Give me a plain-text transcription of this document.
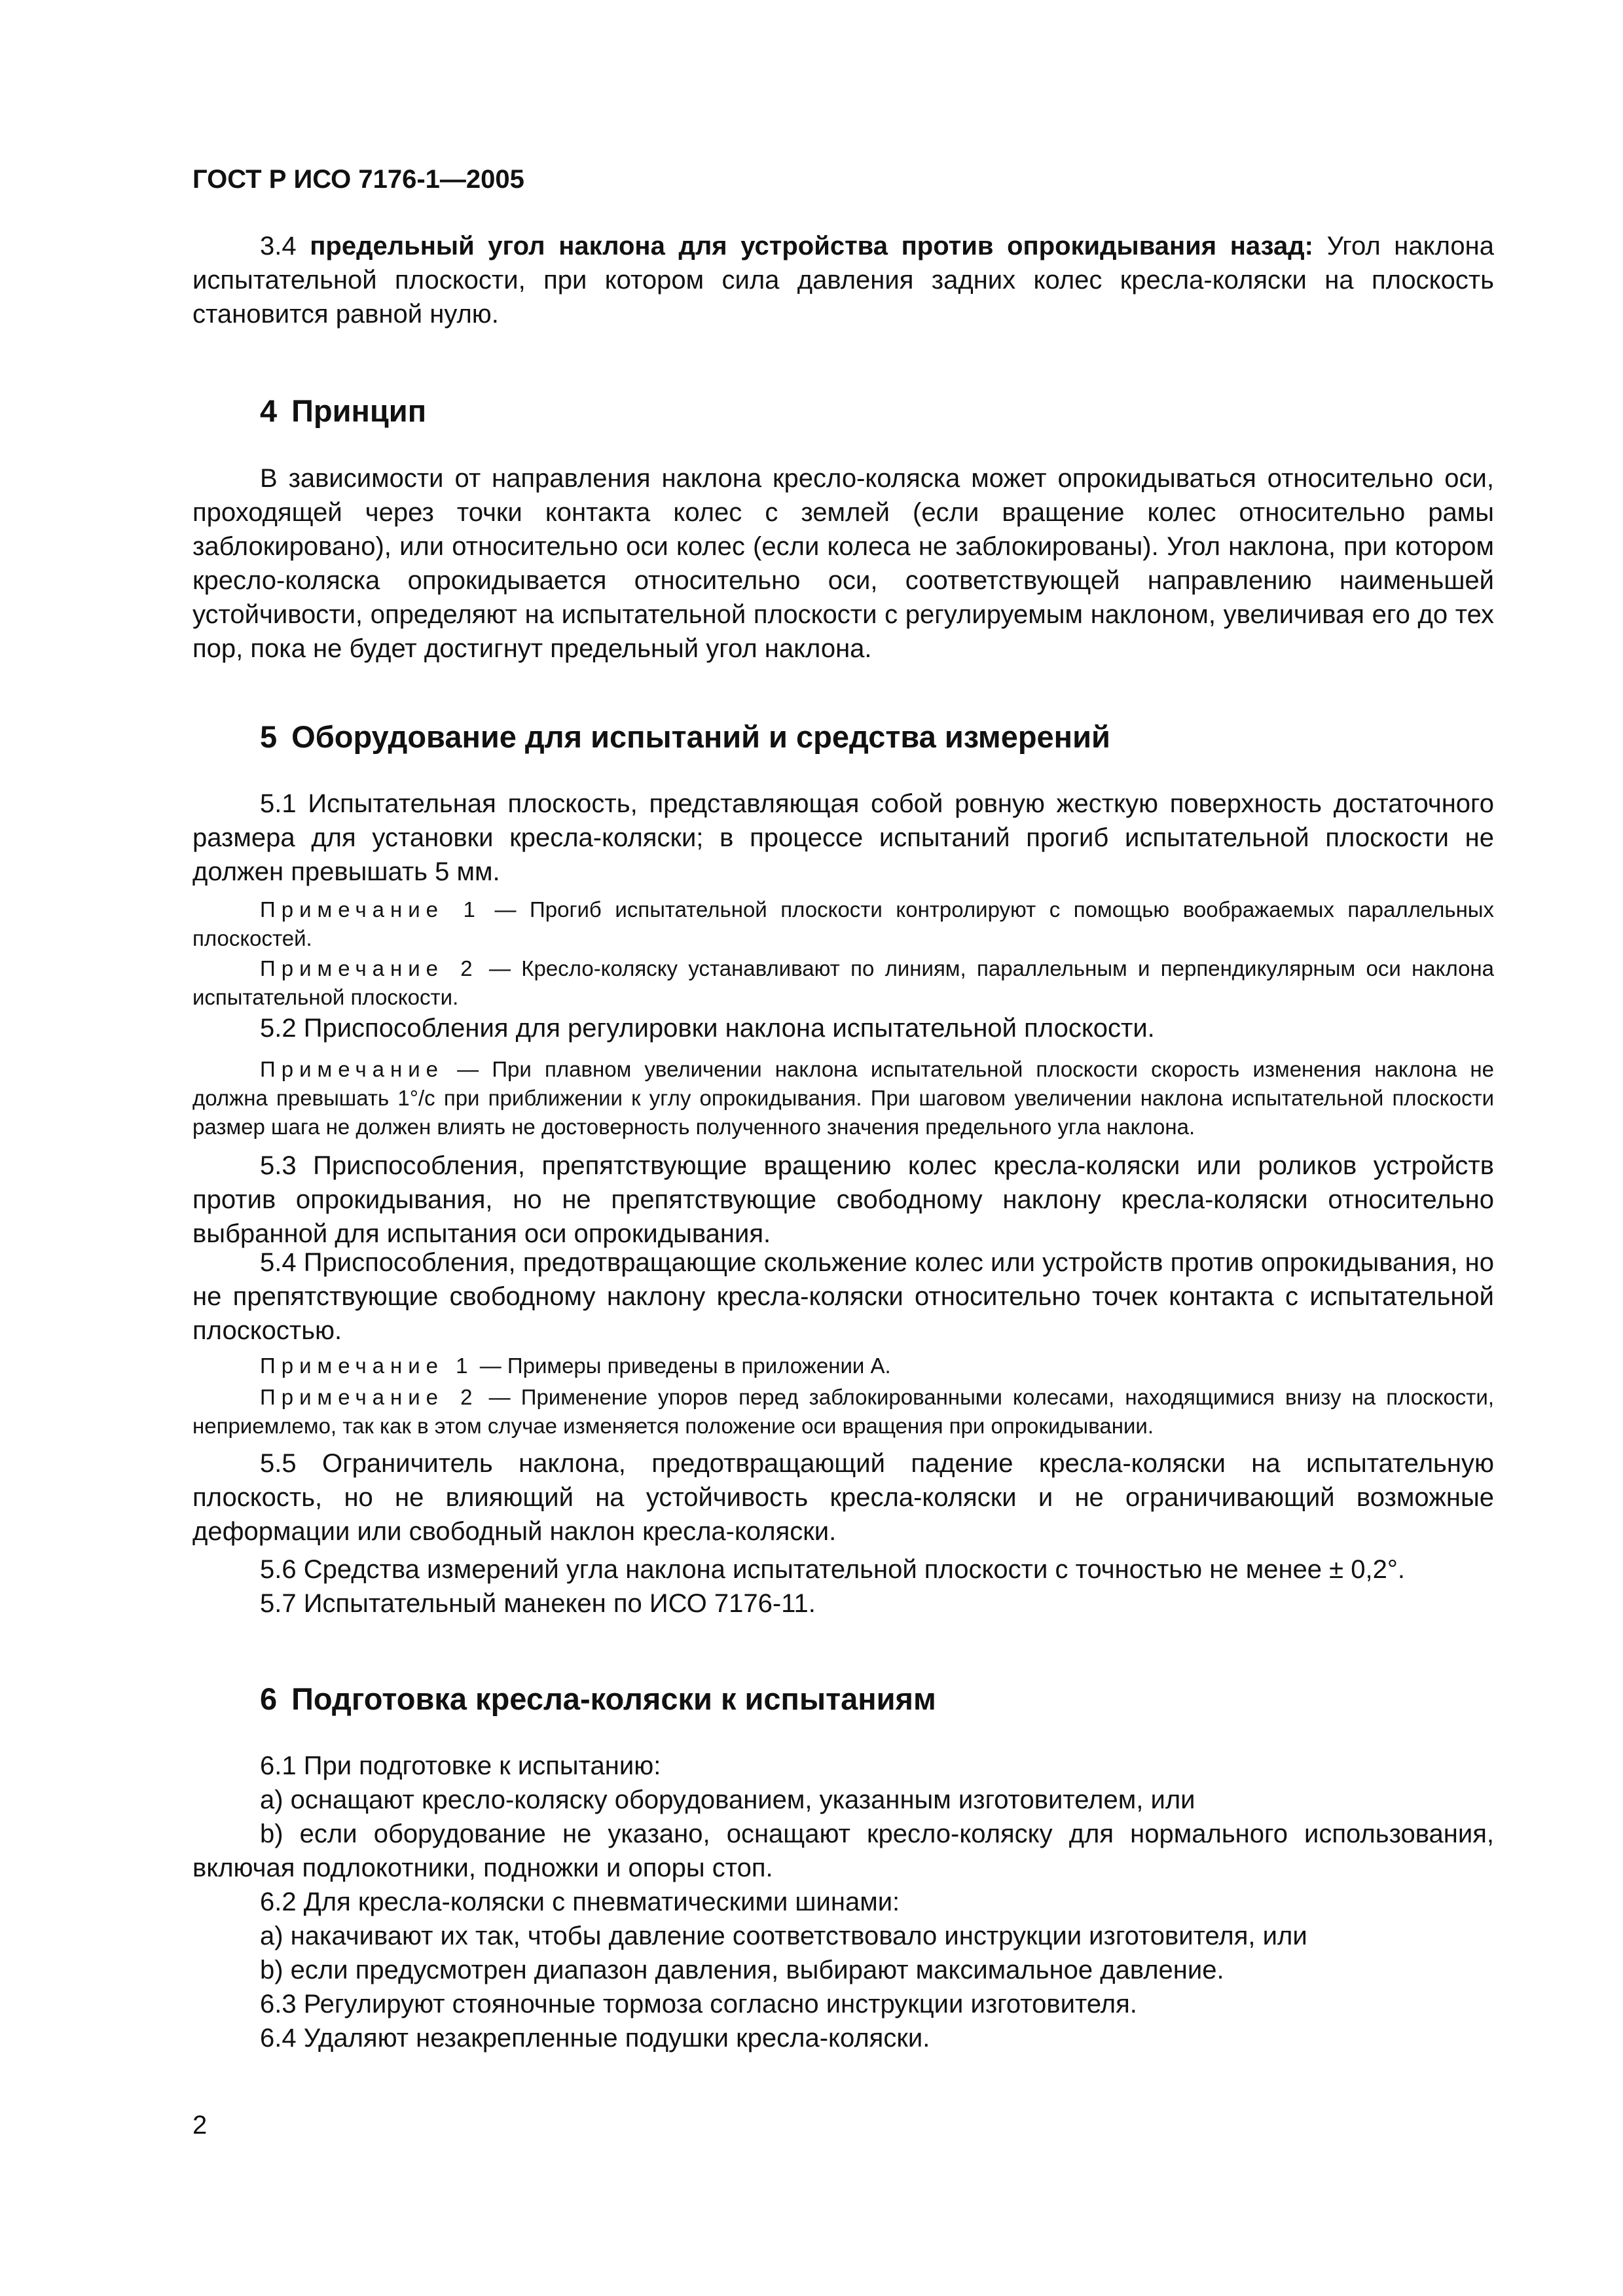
ГОСТ Р ИСО 7176-1—2005

3.4 предельный угол наклона для устройства против опрокидывания назад: Угол наклона испытательной плоскости, при котором сила давления задних колес кресла-коляски на плоскость становится равной нулю.

4 Принцип

В зависимости от направления наклона кресло-коляска может опрокидываться относительно оси, проходящей через точки контакта колес с землей (если вращение колес относительно рамы заблокировано), или относительно оси колес (если колеса не заблокированы). Угол наклона, при котором кресло-коляска опрокидывается относительно оси, соответствующей направлению наименьшей устойчивости, определяют на испытательной плоскости с регулируемым наклоном, увеличивая его до тех пор, пока не будет достигнут предельный угол наклона.

5 Оборудование для испытаний и средства измерений

5.1 Испытательная плоскость, представляющая собой ровную жесткую поверхность достаточного размера для установки кресла-коляски; в процессе испытаний прогиб испытательной плоскости не должен превышать 5 мм.

Примечание 1 — Прогиб испытательной плоскости контролируют с помощью воображаемых параллельных плоскостей.

Примечание 2 — Кресло-коляску устанавливают по линиям, параллельным и перпендикулярным оси наклона испытательной плоскости.

5.2 Приспособления для регулировки наклона испытательной плоскости.

Примечание — При плавном увеличении наклона испытательной плоскости скорость изменения наклона не должна превышать 1°/с при приближении к углу опрокидывания. При шаговом увеличении наклона испытательной плоскости размер шага не должен влиять не достоверность полученного значения предельного угла наклона.

5.3 Приспособления, препятствующие вращению колес кресла-коляски или роликов устройств против опрокидывания, но не препятствующие свободному наклону кресла-коляски относительно выбранной для испытания оси опрокидывания.

5.4 Приспособления, предотвращающие скольжение колес или устройств против опрокидывания, но не препятствующие свободному наклону кресла-коляски относительно точек контакта с испытательной плоскостью.

Примечание 1 — Примеры приведены в приложении А.

Примечание 2 — Применение упоров перед заблокированными колесами, находящимися внизу на плоскости, неприемлемо, так как в этом случае изменяется положение оси вращения при опрокидывании.

5.5 Ограничитель наклона, предотвращающий падение кресла-коляски на испытательную плоскость, но не влияющий на устойчивость кресла-коляски и не ограничивающий возможные деформации или свободный наклон кресла-коляски.

5.6 Средства измерений угла наклона испытательной плоскости с точностью не менее ± 0,2°.

5.7 Испытательный манекен по ИСО 7176-11.

6 Подготовка кресла-коляски к испытаниям

6.1 При подготовке к испытанию:

a) оснащают кресло-коляску оборудованием, указанным изготовителем, или

b) если оборудование не указано, оснащают кресло-коляску для нормального использования, включая подлокотники, подножки и опоры стоп.

6.2 Для кресла-коляски с пневматическими шинами:

a) накачивают их так, чтобы давление соответствовало инструкции изготовителя, или

b) если предусмотрен диапазон давления, выбирают максимальное давление.

6.3 Регулируют стояночные тормоза согласно инструкции изготовителя.

6.4 Удаляют незакрепленные подушки кресла-коляски.

2
